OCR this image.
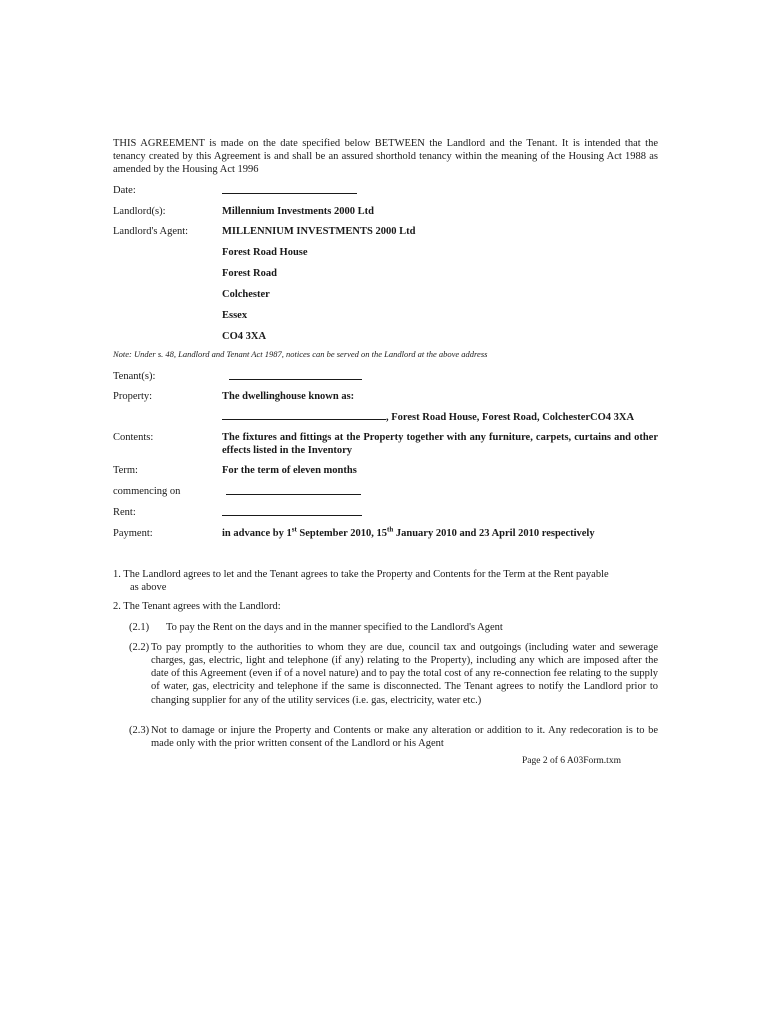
THIS AGREEMENT is made on the date specified below BETWEEN the Landlord and the Tenant. It is intended that the tenancy created by this Agreement is and shall be an assured shorthold tenancy within the meaning of the Housing Act 1988 as amended by the Housing Act 1996
Date:
Landlord(s):	Millennium Investments 2000 Ltd
Landlord's Agent:	MILLENNIUM INVESTMENTS 2000 Ltd
Forest Road House
Forest Road
Colchester
Essex
CO4 3XA
Note: Under s. 48, Landlord and Tenant Act 1987, notices can be served on the Landlord at the above address
Tenant(s):
Property:	The dwellinghouse known as:
, Forest Road House, Forest Road, ColchesterCO4 3XA
Contents:	The fixtures and fittings at the Property together with any furniture, carpets, curtains and other effects listed in the Inventory
Term:	For the term of eleven months
commencing on
Rent:
Payment:	in advance by 1st September 2010, 15th January 2010 and 23 April 2010 respectively
1. The Landlord agrees to let and the Tenant agrees to take the Property and Contents for the Term at the Rent payable
as above
2. The Tenant agrees with the Landlord:
(2.1) To pay the Rent on the days and in the manner specified to the Landlord's Agent
(2.2) To pay promptly to the authorities to whom they are due, council tax and outgoings (including water and sewerage charges, gas, electric, light and telephone (if any) relating to the Property), including any which are imposed after the date of this Agreement (even if of a novel nature) and to pay the total cost of any re-connection fee relating to the supply of water, gas, electricity and telephone if the same is disconnected. The Tenant agrees to notify the Landlord prior to changing supplier for any of the utility services (i.e. gas, electricity, water etc.)
(2.3) Not to damage or injure the Property and Contents or make any alteration or addition to it. Any redecoration is to be made only with the prior written consent of the Landlord or his Agent
Page 2 of 6 A03Form.txm
